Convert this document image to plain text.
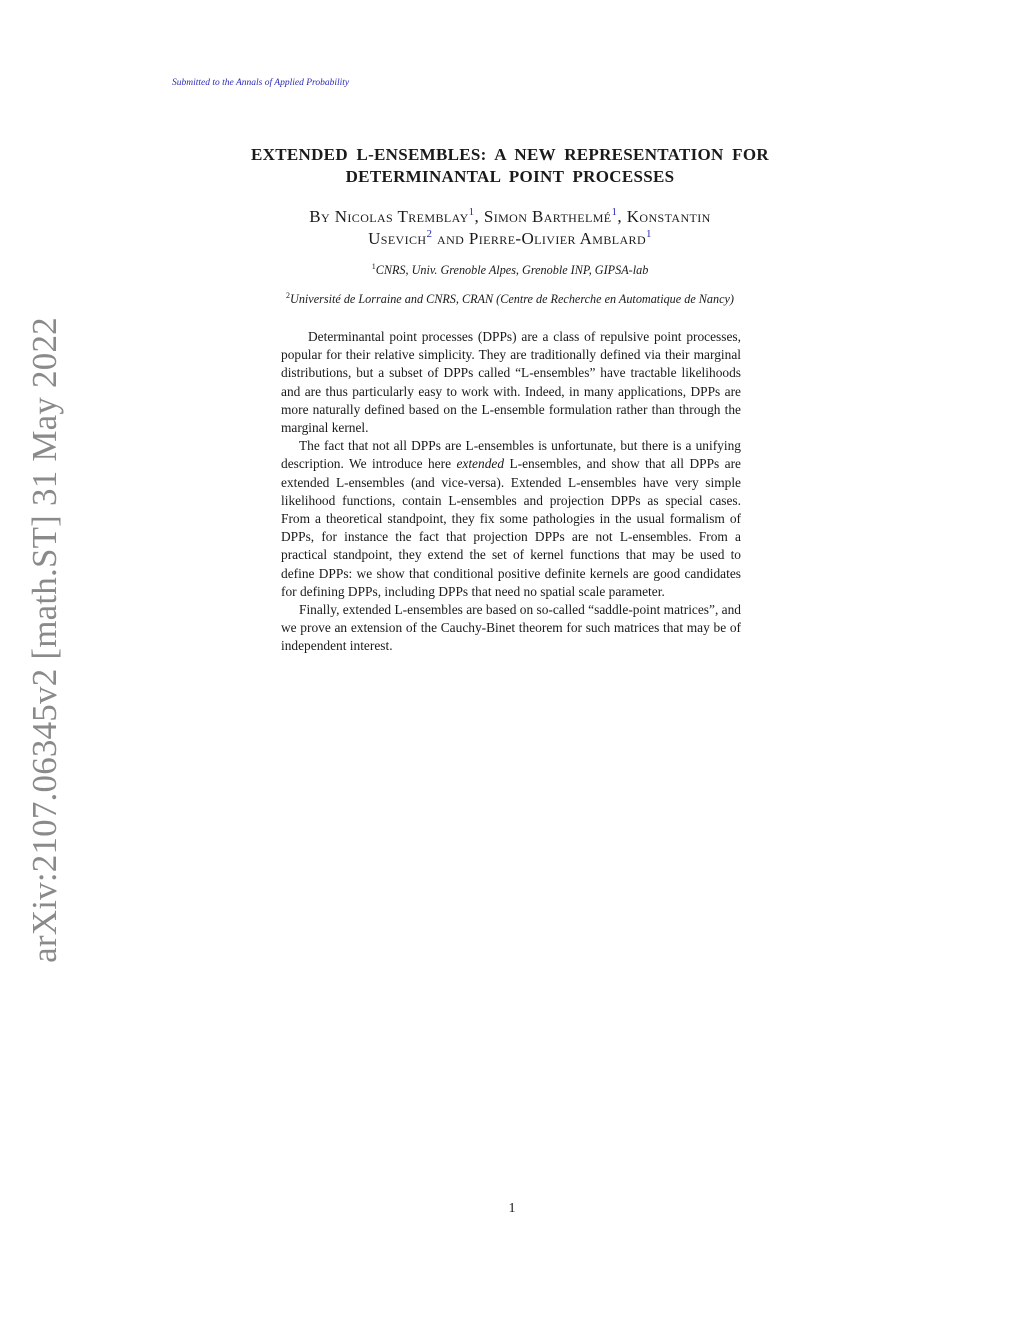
Submitted to the Annals of Applied Probability
arXiv:2107.06345v2 [math.ST] 31 May 2022
EXTENDED L-ENSEMBLES: A NEW REPRESENTATION FOR
DETERMINANTAL POINT PROCESSES
By Nicolas Tremblay$^1$, Simon Barthelmé$^1$, Konstantin
Usevich$^2$ and Pierre-Olivier Amblard$^1$
$^1$CNRS, Univ. Grenoble Alpes, Grenoble INP, GIPSA-lab
$^2$Université de Lorraine and CNRS, CRAN (Centre de Recherche en Automatique de Nancy)

Determinantal point processes (DPPs) are a class of repulsive point processes, popular for their relative simplicity. They are traditionally defined via their marginal distributions, but a subset of DPPs called “L-ensembles” have tractable likelihoods and are thus particularly easy to work with. Indeed, in many applications, DPPs are more naturally defined based on the L-ensemble formulation rather than through the marginal kernel.

The fact that not all DPPs are L-ensembles is unfortunate, but there is a unifying description. We introduce here extended L-ensembles, and show that all DPPs are extended L-ensembles (and vice-versa). Extended L-ensembles have very simple likelihood functions, contain L-ensembles and projection DPPs as special cases. From a theoretical standpoint, they fix some pathologies in the usual formalism of DPPs, for instance the fact that projection DPPs are not L-ensembles. From a practical standpoint, they extend the set of kernel functions that may be used to define DPPs: we show that conditional positive definite kernels are good candidates for defining DPPs, including DPPs that need no spatial scale parameter.

Finally, extended L-ensembles are based on so-called “saddle-point matrices”, and we prove an extension of the Cauchy-Binet theorem for such matrices that may be of independent interest.

1
